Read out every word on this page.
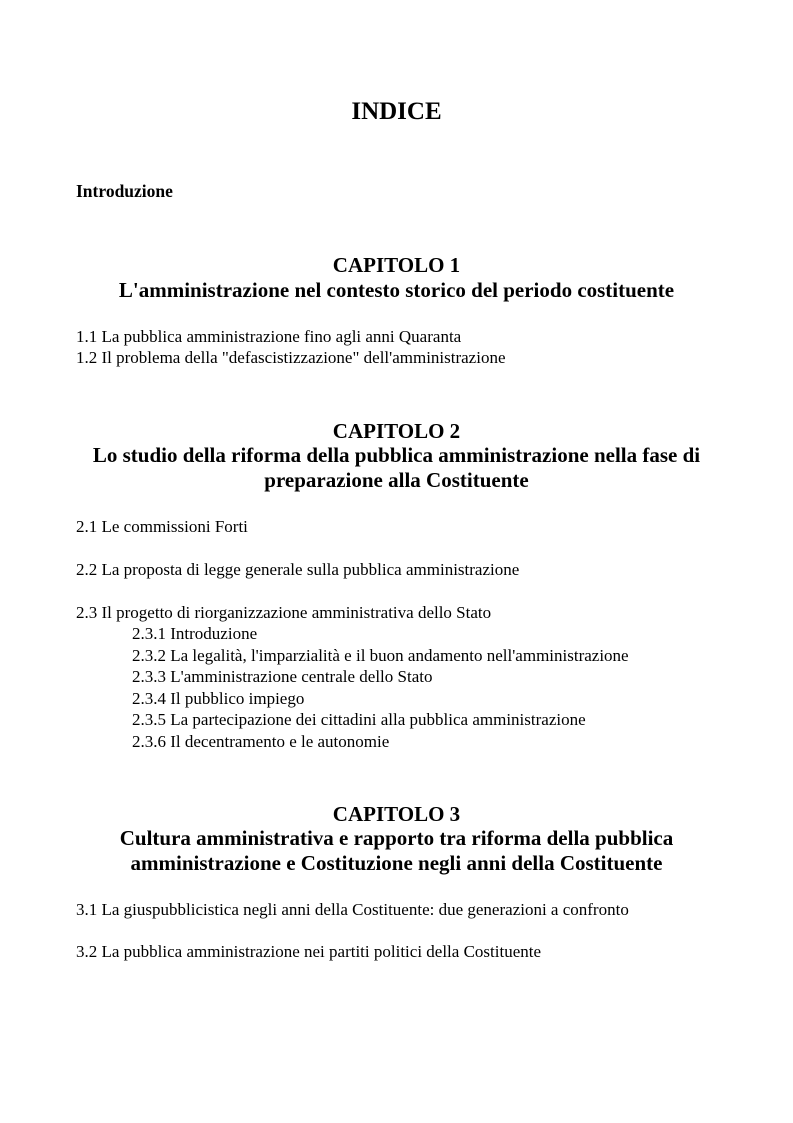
INDICE
Introduzione
CAPITOLO 1
L'amministrazione nel contesto storico del periodo costituente
1.1 La pubblica amministrazione fino agli anni Quaranta
1.2 Il problema della "defascistizzazione" dell'amministrazione
CAPITOLO 2
Lo studio della riforma della pubblica amministrazione nella fase di
preparazione alla Costituente
2.1 Le commissioni Forti
2.2 La proposta di legge generale sulla pubblica amministrazione
2.3 Il progetto di riorganizzazione amministrativa dello Stato
2.3.1 Introduzione
2.3.2 La legalità, l'imparzialità e il buon andamento nell'amministrazione
2.3.3 L'amministrazione centrale dello Stato
2.3.4 Il pubblico impiego
2.3.5 La partecipazione dei cittadini alla pubblica amministrazione
2.3.6 Il decentramento e le autonomie
CAPITOLO 3
Cultura amministrativa e rapporto tra riforma della pubblica
amministrazione e Costituzione negli anni della Costituente
3.1 La giuspubblicistica negli anni della Costituente: due generazioni a confronto
3.2 La pubblica amministrazione nei partiti politici della Costituente
